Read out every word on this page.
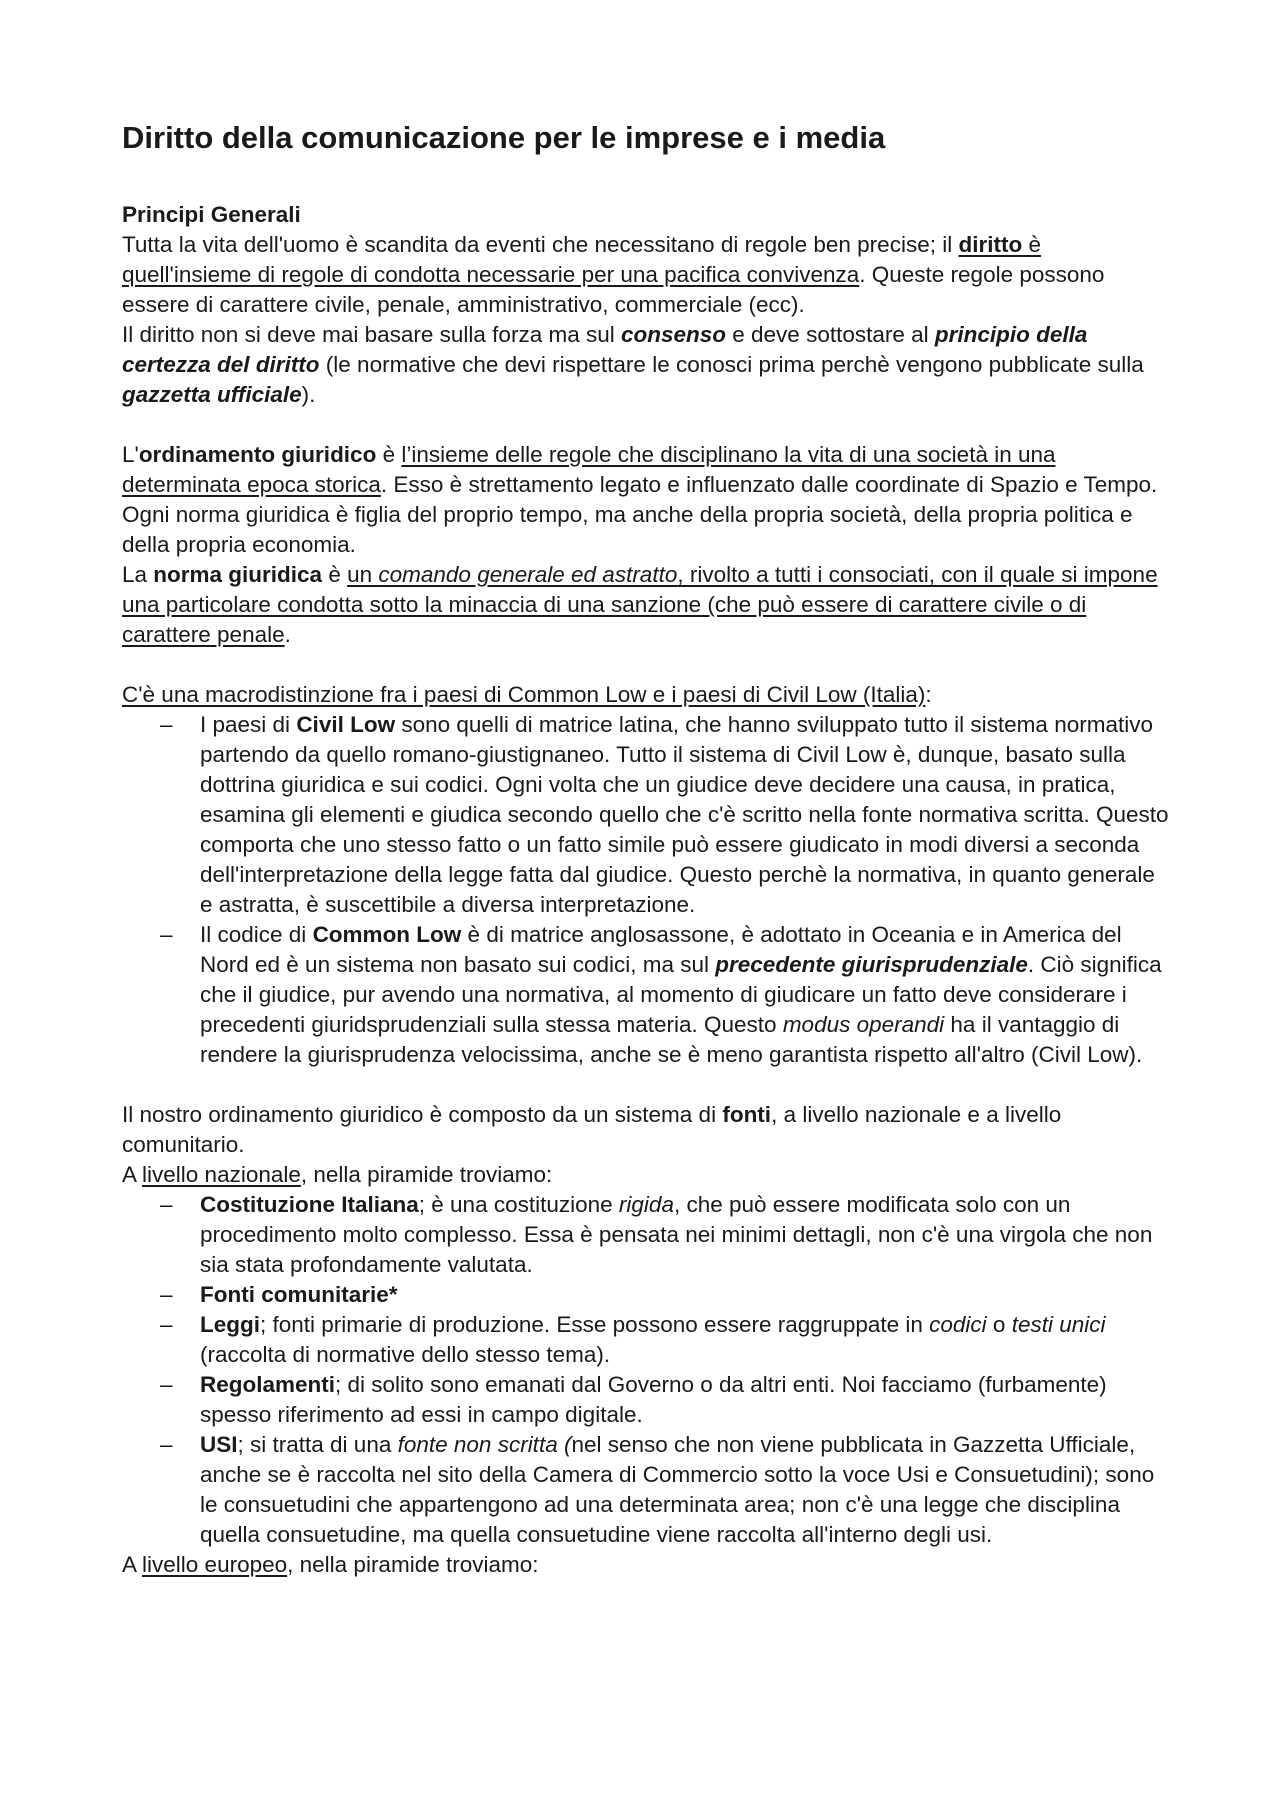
Diritto della comunicazione per le imprese e i media
Principi Generali

Tutta la vita dell'uomo è scandita da eventi che necessitano di regole ben precise; il diritto è quell'insieme di regole di condotta necessarie per una pacifica convivenza. Queste regole possono essere di carattere civile, penale, amministrativo, commerciale (ecc).

Il diritto non si deve mai basare sulla forza ma sul consenso e deve sottostare al principio della certezza del diritto (le normative che devi rispettare le conosci prima perchè vengono pubblicate sulla gazzetta ufficiale).

L'ordinamento giuridico è l’insieme delle regole che disciplinano la vita di una società in una determinata epoca storica. Esso è strettamento legato e influenzato dalle coordinate di Spazio e Tempo. Ogni norma giuridica è figlia del proprio tempo, ma anche della propria società, della propria politica e della propria economia.

La norma giuridica è un comando generale ed astratto, rivolto a tutti i consociati, con il quale si impone una particolare condotta sotto la minaccia di una sanzione (che può essere di carattere civile o di carattere penale.

C'è una macrodistinzione fra i paesi di Common Low e i paesi di Civil Low (Italia):

– I paesi di Civil Low sono quelli di matrice latina, che hanno sviluppato tutto il sistema normativo partendo da quello romano-giustignaneo. Tutto il sistema di Civil Low è, dunque, basato sulla dottrina giuridica e sui codici. Ogni volta che un giudice deve decidere una causa, in pratica, esamina gli elementi e giudica secondo quello che c'è scritto nella fonte normativa scritta. Questo comporta che uno stesso fatto o un fatto simile può essere giudicato in modi diversi a seconda dell'interpretazione della legge fatta dal giudice. Questo perchè la normativa, in quanto generale e astratta, è suscettibile a diversa interpretazione.
– Il codice di Common Low è di matrice anglosassone, è adottato in Oceania e in America del Nord ed è un sistema non basato sui codici, ma sul precedente giurisprudenziale. Ciò significa che il giudice, pur avendo una normativa, al momento di giudicare un fatto deve considerare i precedenti giuridsprudenziali sulla stessa materia. Questo modus operandi ha il vantaggio di rendere la giurisprudenza velocissima, anche se è meno garantista rispetto all'altro (Civil Low).

Il nostro ordinamento giuridico è composto da un sistema di fonti, a livello nazionale e a livello comunitario.

A livello nazionale, nella piramide troviamo:

– Costituzione Italiana; è una costituzione rigida, che può essere modificata solo con un procedimento molto complesso. Essa è pensata nei minimi dettagli, non c'è una virgola che non sia stata profondamente valutata.
– Fonti comunitarie*
– Leggi; fonti primarie di produzione. Esse possono essere raggruppate in codici o testi unici (raccolta di normative dello stesso tema).
– Regolamenti; di solito sono emanati dal Governo o da altri enti. Noi facciamo (furbamente) spesso riferimento ad essi in campo digitale.
– USI; si tratta di una fonte non scritta (nel senso che non viene pubblicata in Gazzetta Ufficiale, anche se è raccolta nel sito della Camera di Commercio sotto la voce Usi e Consuetudini); sono le consuetudini che appartengono ad una determinata area; non c'è una legge che disciplina quella consuetudine, ma quella consuetudine viene raccolta all'interno degli usi.

A livello europeo, nella piramide troviamo:
